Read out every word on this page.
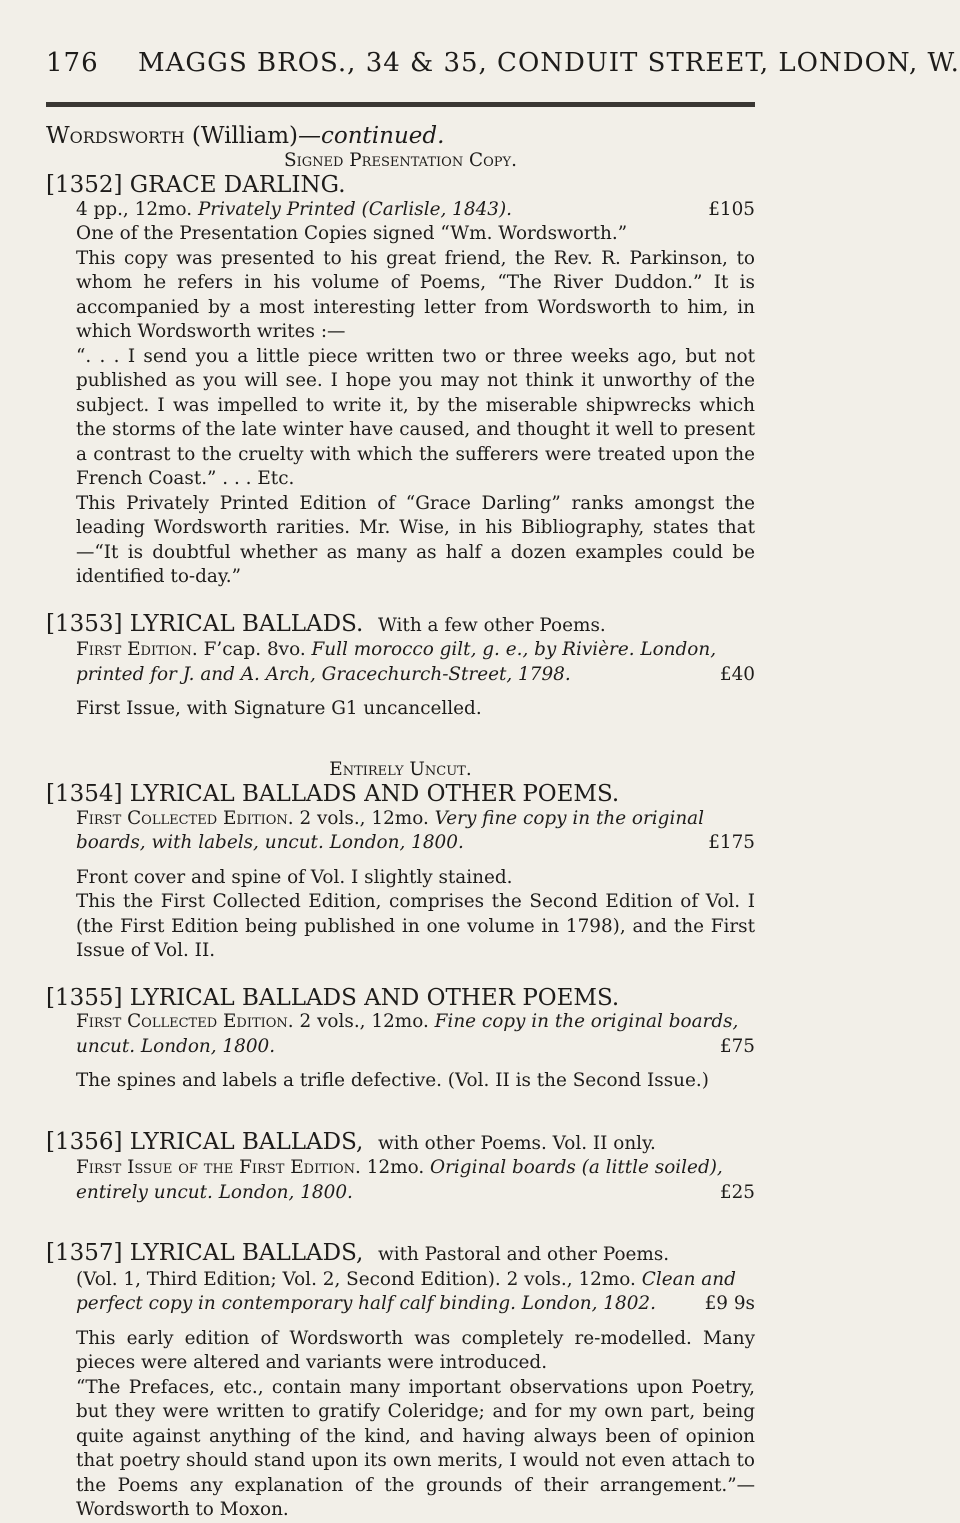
176 MAGGS BROS., 34 & 35, CONDUIT STREET, LONDON, W.

Wordsworth (William)—continued.

Signed Presentation Copy.

[1352] GRACE DARLING.

4 pp., 12mo. Privately Printed (Carlisle, 1843).	£105

One of the Presentation Copies signed “Wm. Wordsworth.”

This copy was presented to his great friend, the Rev. R. Parkinson, to whom he refers in his volume of Poems, “The River Duddon.” It is accompanied by a most interesting letter from Wordsworth to him, in which Wordsworth writes :—

“. . . I send you a little piece written two or three weeks ago, but not published as you will see. I hope you may not think it unworthy of the subject. I was impelled to write it, by the miserable shipwrecks which the storms of the late winter have caused, and thought it well to present a contrast to the cruelty with which the sufferers were treated upon the French Coast.” . . . Etc.

This Privately Printed Edition of “Grace Darling” ranks amongst the leading Wordsworth rarities. Mr. Wise, in his Bibliography, states that—“It is doubtful whether as many as half a dozen examples could be identified to-day.”

[1353] LYRICAL BALLADS. With a few other Poems.

First Edition. F’cap. 8vo. Full morocco gilt, g. e., by Rivière. London, printed for J. and A. Arch, Gracechurch-Street, 1798.	£40

First Issue, with Signature G1 uncancelled.

Entirely Uncut.

[1354] LYRICAL BALLADS AND OTHER POEMS.

First Collected Edition. 2 vols., 12mo. Very fine copy in the original boards, with labels, uncut. London, 1800.	£175

Front cover and spine of Vol. I slightly stained.

This the First Collected Edition, comprises the Second Edition of Vol. I (the First Edition being published in one volume in 1798), and the First Issue of Vol. II.

[1355] LYRICAL BALLADS AND OTHER POEMS.

First Collected Edition. 2 vols., 12mo. Fine copy in the original boards, uncut. London, 1800.	£75

The spines and labels a trifle defective. (Vol. II is the Second Issue.)

[1356] LYRICAL BALLADS, with other Poems. Vol. II only.

First Issue of the First Edition. 12mo. Original boards (a little soiled), entirely uncut. London, 1800.	£25

[1357] LYRICAL BALLADS, with Pastoral and other Poems.

(Vol. 1, Third Edition; Vol. 2, Second Edition). 2 vols., 12mo. Clean and perfect copy in contemporary half calf binding. London, 1802.	£9 9s

This early edition of Wordsworth was completely re-modelled. Many pieces were altered and variants were introduced.

“The Prefaces, etc., contain many important observations upon Poetry, but they were written to gratify Coleridge; and for my own part, being quite against anything of the kind, and having always been of opinion that poetry should stand upon its own merits, I would not even attach to the Poems any explanation of the grounds of their arrangement.”—Wordsworth to Moxon.
